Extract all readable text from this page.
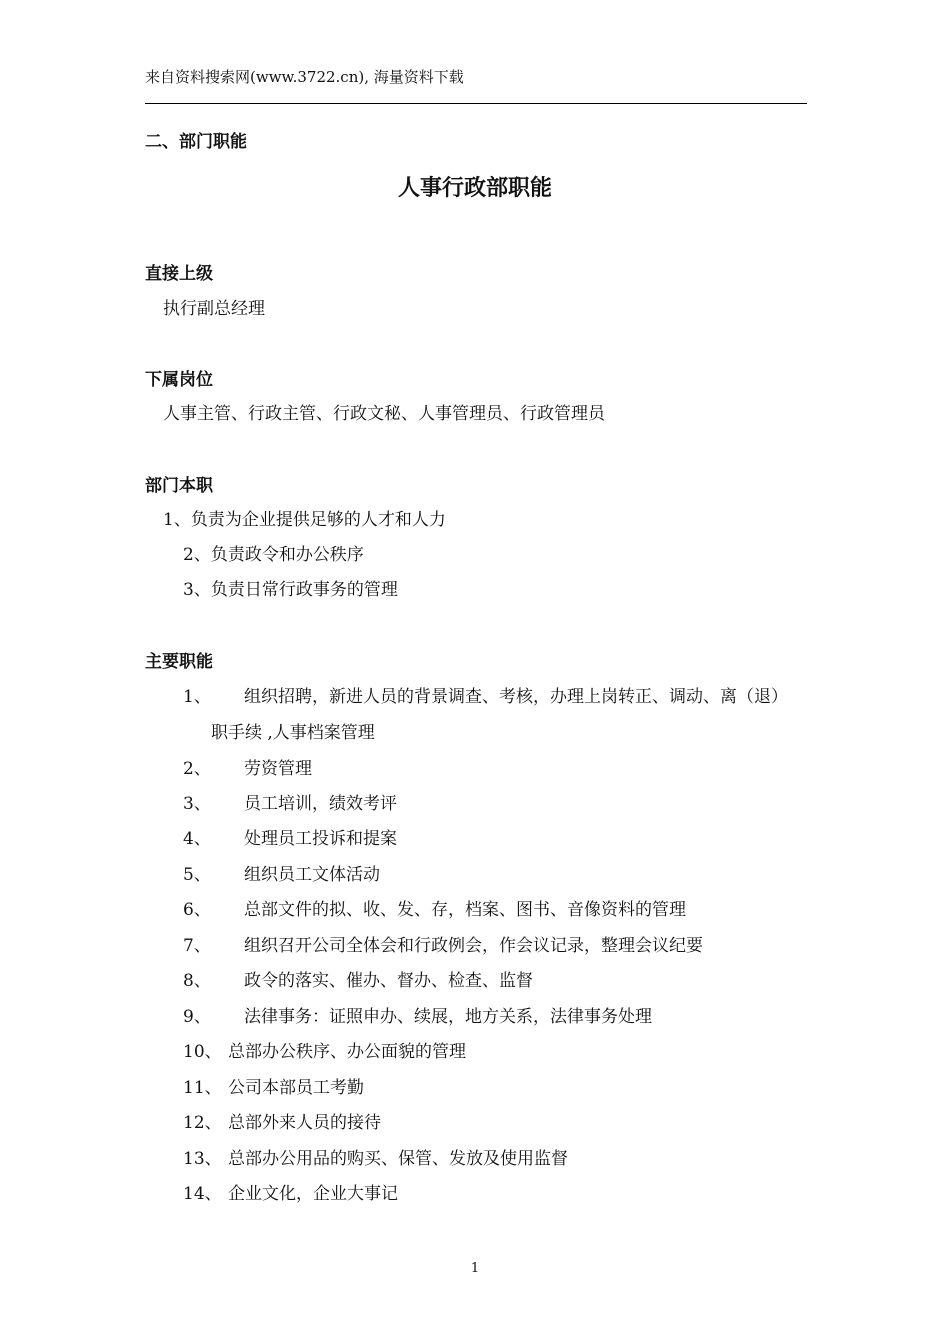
来自资料搜索网(www.3722.cn), 海量资料下载
二、部门职能
人事行政部职能
直接上级
执行副总经理
下属岗位
人事主管、行政主管、行政文秘、人事管理员、行政管理员
部门本职
1、负责为企业提供足够的人才和人力
2、负责政令和办公秩序
3、负责日常行政事务的管理
主要职能
1、 组织招聘，新进人员的背景调查、考核，办理上岗转正、调动、离（退）
职手续 ,人事档案管理
2、 劳资管理
3、 员工培训，绩效考评
4、 处理员工投诉和提案
5、 组织员工文体活动
6、 总部文件的拟、收、发、存，档案、图书、音像资料的管理
7、 组织召开公司全体会和行政例会，作会议记录，整理会议纪要
8、 政令的落实、催办、督办、检查、监督
9、 法律事务：证照申办、续展，地方关系，法律事务处理
10、 总部办公秩序、办公面貌的管理
11、 公司本部员工考勤
12、 总部外来人员的接待
13、 总部办公用品的购买、保管、发放及使用监督
14、 企业文化，企业大事记
1
